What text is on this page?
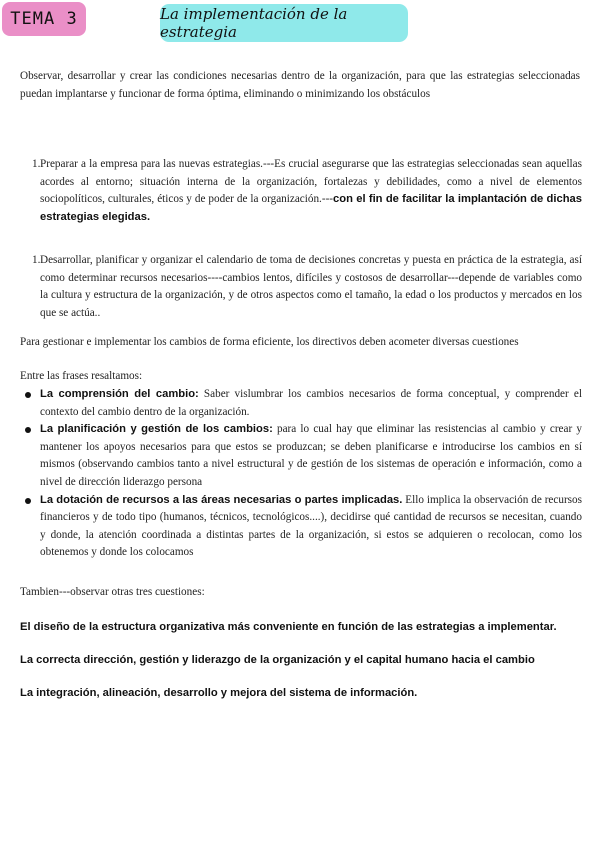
TEMA 3	La implementación de la estrategia
Observar, desarrollar y crear las condiciones necesarias dentro de la organización, para que las estrategias seleccionadas puedan implantarse y funcionar de forma óptima, eliminando o minimizando los obstáculos
1. Preparar a la empresa para las nuevas estrategias.---Es crucial asegurarse que las estrategias seleccionadas sean aquellas acordes al entorno; situación interna de la organización, fortalezas y debilidades, como a nivel de elementos sociopolíticos, culturales, éticos y de poder de la organización.---con el fin de facilitar la implantación de dichas estrategias elegidas.
1. Desarrollar, planificar y organizar el calendario de toma de decisiones concretas y puesta en práctica de la estrategia, así como determinar recursos necesarios----cambios lentos, difíciles y costosos de desarrollar---depende de variables como la cultura y estructura de la organización, y de otros aspectos como el tamaño, la edad o los productos y mercados en los que se actúa..
Para gestionar e implementar los cambios de forma eficiente, los directivos deben acometer diversas cuestiones
Entre las frases resaltamos:
La comprensión del cambio: Saber vislumbrar los cambios necesarios de forma conceptual, y comprender el contexto del cambio dentro de la organización.
La planificación y gestión de los cambios: para lo cual hay que eliminar las resistencias al cambio y crear y mantener los apoyos necesarios para que estos se produzcan; se deben planificarse e introducirse los cambios en sí mismos (observando cambios tanto a nivel estructural y de gestión de los sistemas de operación e información, como a nivel de dirección liderazgo persona
La dotación de recursos a las áreas necesarias o partes implicadas. Ello implica la observación de recursos financieros y de todo tipo (humanos, técnicos, tecnológicos....), decidirse qué cantidad de recursos se necesitan, cuando y donde, la atención coordinada a distintas partes de la organización, si estos se adquieren o recolocan, como los obtenemos y donde los colocamos
Tambien---observar otras tres cuestiones:
El diseño de la estructura organizativa más conveniente en función de las estrategias a implementar.
La correcta dirección, gestión y liderazgo de la organización y el capital humano hacia el cambio
La integración, alineación, desarrollo y mejora del sistema de información.
